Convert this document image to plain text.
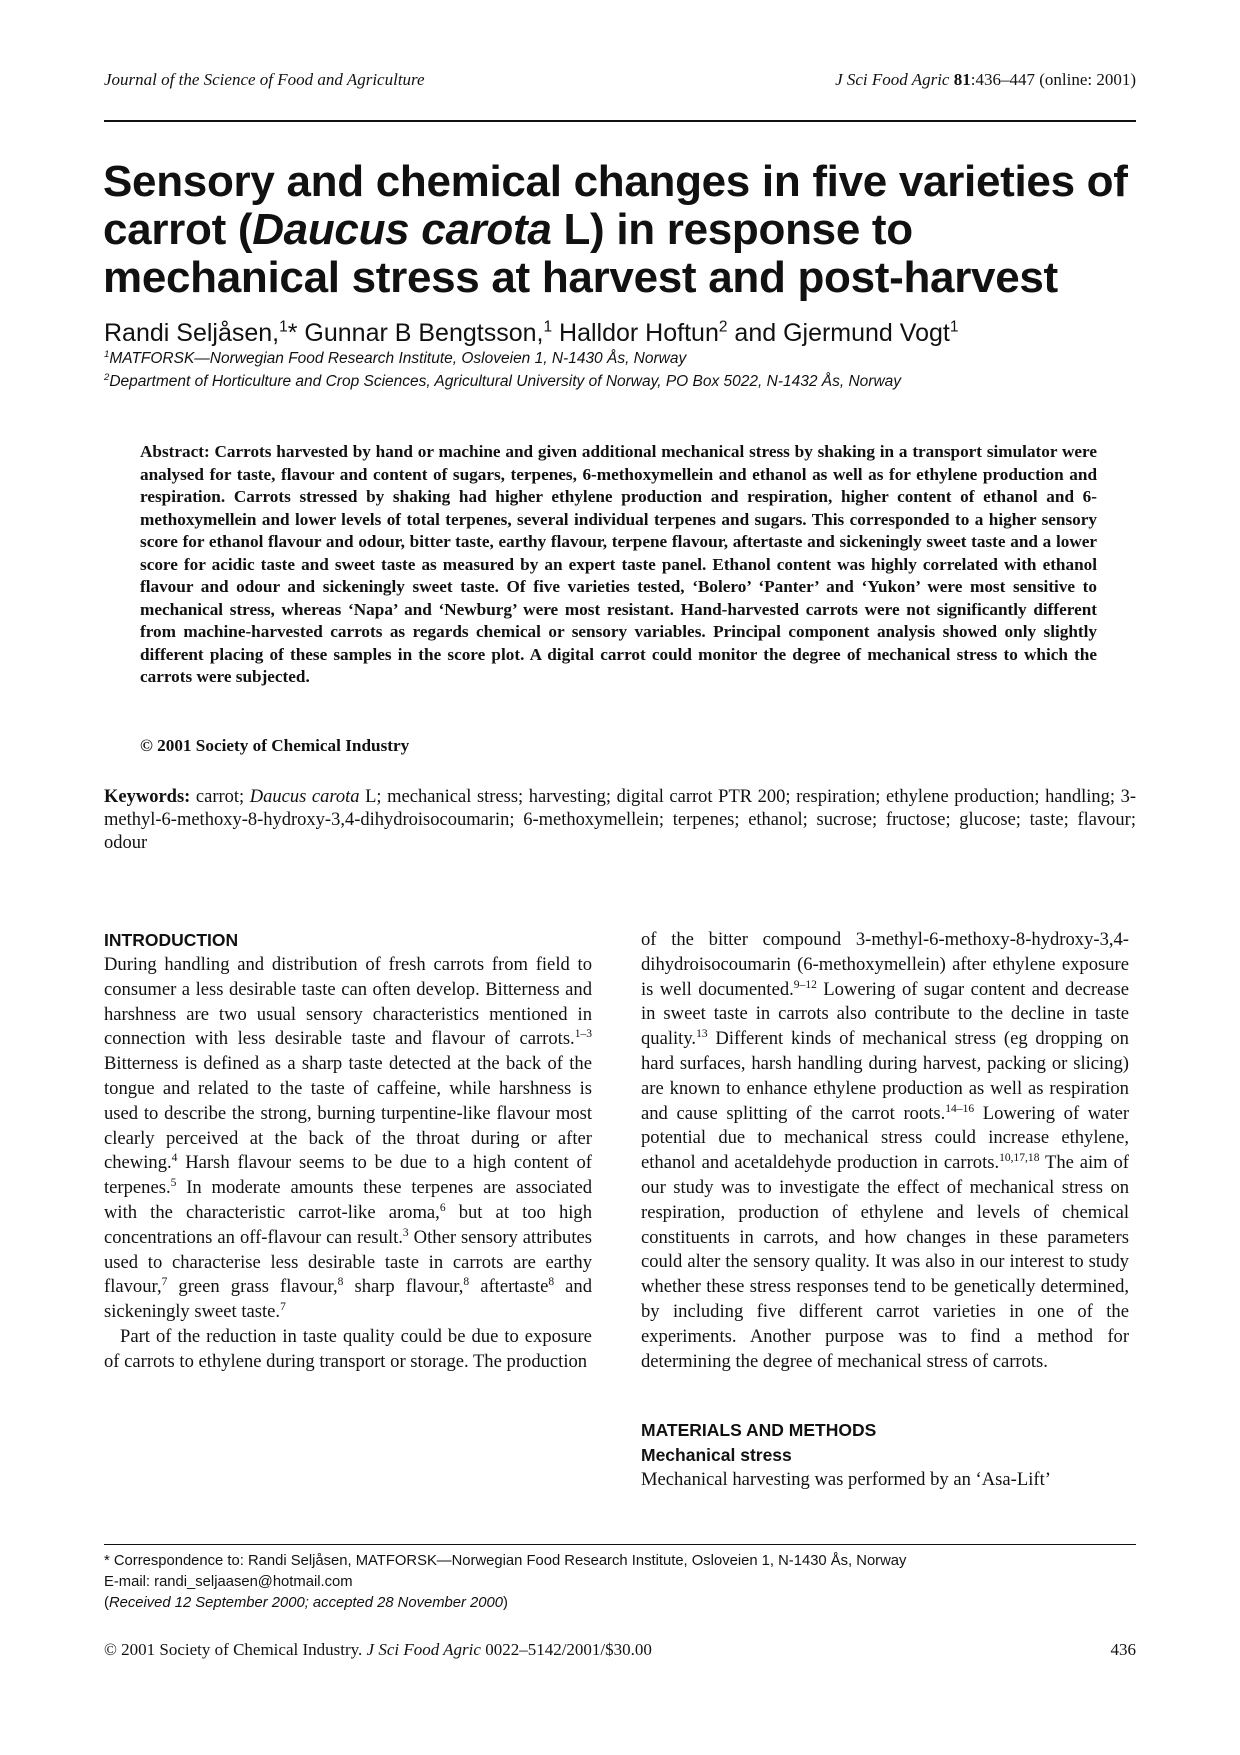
Journal of the Science of Food and Agriculture	J Sci Food Agric 81:436–447 (online: 2001)
Sensory and chemical changes in five varieties of carrot (Daucus carota L) in response to mechanical stress at harvest and post-harvest
Randi Seljåsen,$^1$* Gunnar B Bengtsson,$^1$ Halldor Hoftun$^2$ and Gjermund Vogt$^1$
$^1$MATFORSK—Norwegian Food Research Institute, Osloveien 1, N-1430 Ås, Norway
$^2$Department of Horticulture and Crop Sciences, Agricultural University of Norway, PO Box 5022, N-1432 Ås, Norway
Abstract: Carrots harvested by hand or machine and given additional mechanical stress by shaking in a transport simulator were analysed for taste, flavour and content of sugars, terpenes, 6-methoxymellein and ethanol as well as for ethylene production and respiration. Carrots stressed by shaking had higher ethylene production and respiration, higher content of ethanol and 6-methoxymellein and lower levels of total terpenes, several individual terpenes and sugars. This corresponded to a higher sensory score for ethanol flavour and odour, bitter taste, earthy flavour, terpene flavour, aftertaste and sickeningly sweet taste and a lower score for acidic taste and sweet taste as measured by an expert taste panel. Ethanol content was highly correlated with ethanol flavour and odour and sickeningly sweet taste. Of five varieties tested, ‘Bolero’ ‘Panter’ and ‘Yukon’ were most sensitive to mechanical stress, whereas ‘Napa’ and ‘Newburg’ were most resistant. Hand-harvested carrots were not significantly different from machine-harvested carrots as regards chemical or sensory variables. Principal component analysis showed only slightly different placing of these samples in the score plot. A digital carrot could monitor the degree of mechanical stress to which the carrots were subjected.
© 2001 Society of Chemical Industry
Keywords: carrot; Daucus carota L; mechanical stress; harvesting; digital carrot PTR 200; respiration; ethylene production; handling; 3-methyl-6-methoxy-8-hydroxy-3,4-dihydroisocoumarin; 6-methoxymellein; terpenes; ethanol; sucrose; fructose; glucose; taste; flavour; odour
INTRODUCTION

During handling and distribution of fresh carrots from field to consumer a less desirable taste can often develop. Bitterness and harshness are two usual sensory characteristics mentioned in connection with less desirable taste and flavour of carrots.$^{1-3}$ Bitterness is defined as a sharp taste detected at the back of the tongue and related to the taste of caffeine, while harshness is used to describe the strong, burning turpentine-like flavour most clearly perceived at the back of the throat during or after chewing.$^4$ Harsh flavour seems to be due to a high content of terpenes.$^5$ In moderate amounts these terpenes are associated with the characteristic carrot-like aroma,$^6$ but at too high concentrations an off-flavour can result.$^3$ Other sensory attributes used to characterise less desirable taste in carrots are earthy flavour,$^7$ green grass flavour,$^8$ sharp flavour,$^8$ aftertaste$^8$ and sickeningly sweet taste.$^7$

Part of the reduction in taste quality could be due to exposure of carrots to ethylene during transport or storage. The production

of the bitter compound 3-methyl-6-methoxy-8-hydroxy-3,4-dihydroisocoumarin (6-methoxymellein) after ethylene exposure is well documented.$^{9-12}$ Lowering of sugar content and decrease in sweet taste in carrots also contribute to the decline in taste quality.$^{13}$ Different kinds of mechanical stress (eg dropping on hard surfaces, harsh handling during harvest, packing or slicing) are known to enhance ethylene production as well as respiration and cause splitting of the carrot roots.$^{14-16}$ Lowering of water potential due to mechanical stress could increase ethylene, ethanol and acetaldehyde production in carrots.$^{10,17,18}$ The aim of our study was to investigate the effect of mechanical stress on respiration, production of ethylene and levels of chemical constituents in carrots, and how changes in these parameters could alter the sensory quality. It was also in our interest to study whether these stress responses tend to be genetically determined, by including five different carrot varieties in one of the experiments. Another purpose was to find a method for determining the degree of mechanical stress of carrots.

MATERIALS AND METHODS
Mechanical stress

Mechanical harvesting was performed by an ‘Asa-Lift’

* Correspondence to: Randi Seljåsen, MATFORSK—Norwegian Food Research Institute, Osloveien 1, N-1430 Ås, Norway
E-mail: randi_seljaasen@hotmail.com
(Received 12 September 2000; accepted 28 November 2000)
© 2001 Society of Chemical Industry. J Sci Food Agric 0022–5142/2001/$30.00	436
